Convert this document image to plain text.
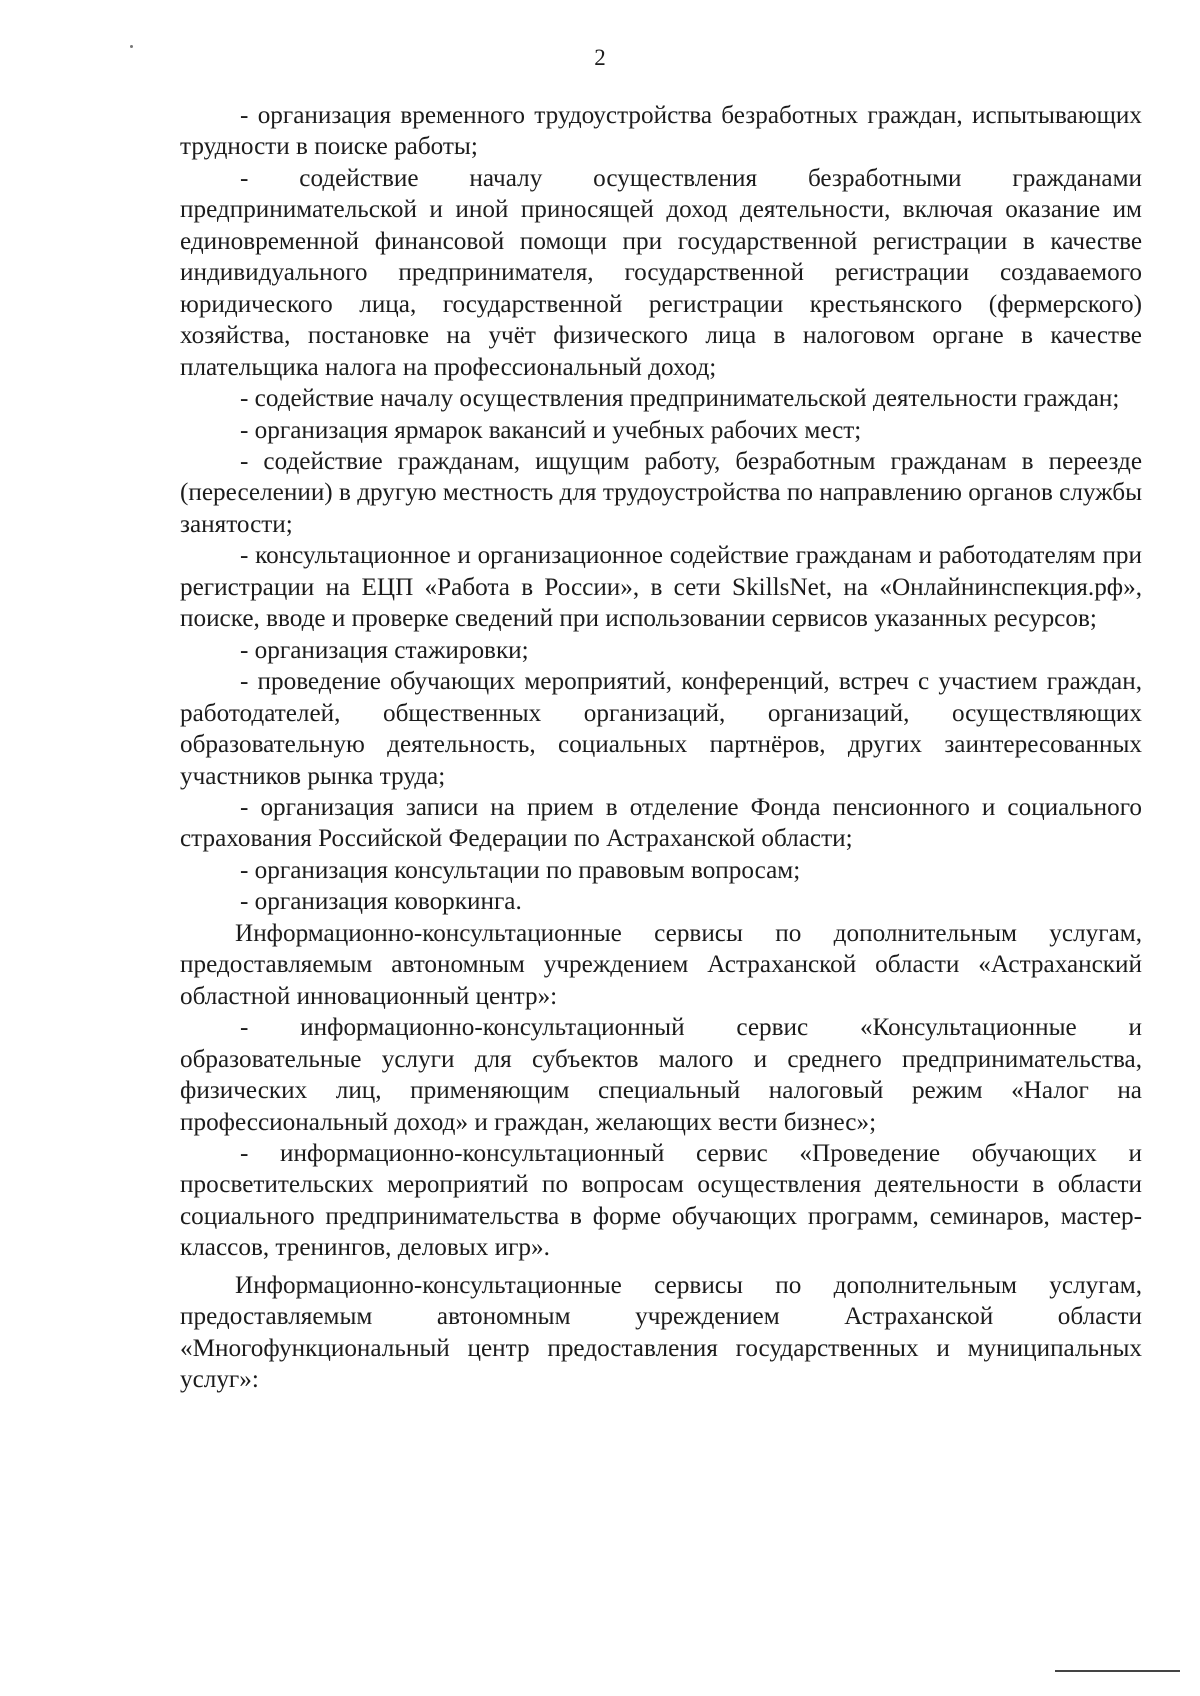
2

- организация временного трудоустройства безработных граждан, испытывающих трудности в поиске работы;

- содействие началу осуществления безработными гражданами предпринимательской и иной приносящей доход деятельности, включая оказание им единовременной финансовой помощи при государственной регистрации в качестве индивидуального предпринимателя, государственной регистрации создаваемого юридического лица, государственной регистрации крестьянского (фермерского) хозяйства, постановке на учёт физического лица в налоговом органе в качестве плательщика налога на профессиональный доход;

- содействие началу осуществления предпринимательской деятельности граждан;

- организация ярмарок вакансий и учебных рабочих мест;

- содействие гражданам, ищущим работу, безработным гражданам в переезде (переселении) в другую местность для трудоустройства по направлению органов службы занятости;

- консультационное и организационное содействие гражданам и работодателям при регистрации на ЕЦП «Работа в России», в сети SkillsNet, на «Онлайнинспекция.рф», поиске, вводе и проверке сведений при использовании сервисов указанных ресурсов;

- организация стажировки;

- проведение обучающих мероприятий, конференций, встреч с участием граждан, работодателей, общественных организаций, организаций, осуществляющих образовательную деятельность, социальных партнёров, других заинтересованных участников рынка труда;

- организация записи на прием в отделение Фонда пенсионного и социального страхования Российской Федерации по Астраханской области;

- организация консультации по правовым вопросам;

- организация коворкинга.

Информационно-консультационные сервисы по дополнительным услугам, предоставляемым автономным учреждением Астраханской области «Астраханский областной инновационный центр»:

- информационно-консультационный сервис «Консультационные и образовательные услуги для субъектов малого и среднего предпринимательства, физических лиц, применяющим специальный налоговый режим «Налог на профессиональный доход» и граждан, желающих вести бизнес»;

- информационно-консультационный сервис «Проведение обучающих и просветительских мероприятий по вопросам осуществления деятельности в области социального предпринимательства в форме обучающих программ, семинаров, мастер-классов, тренингов, деловых игр».

Информационно-консультационные сервисы по дополнительным услугам, предоставляемым автономным учреждением Астраханской области «Многофункциональный центр предоставления государственных и муниципальных услуг»:
